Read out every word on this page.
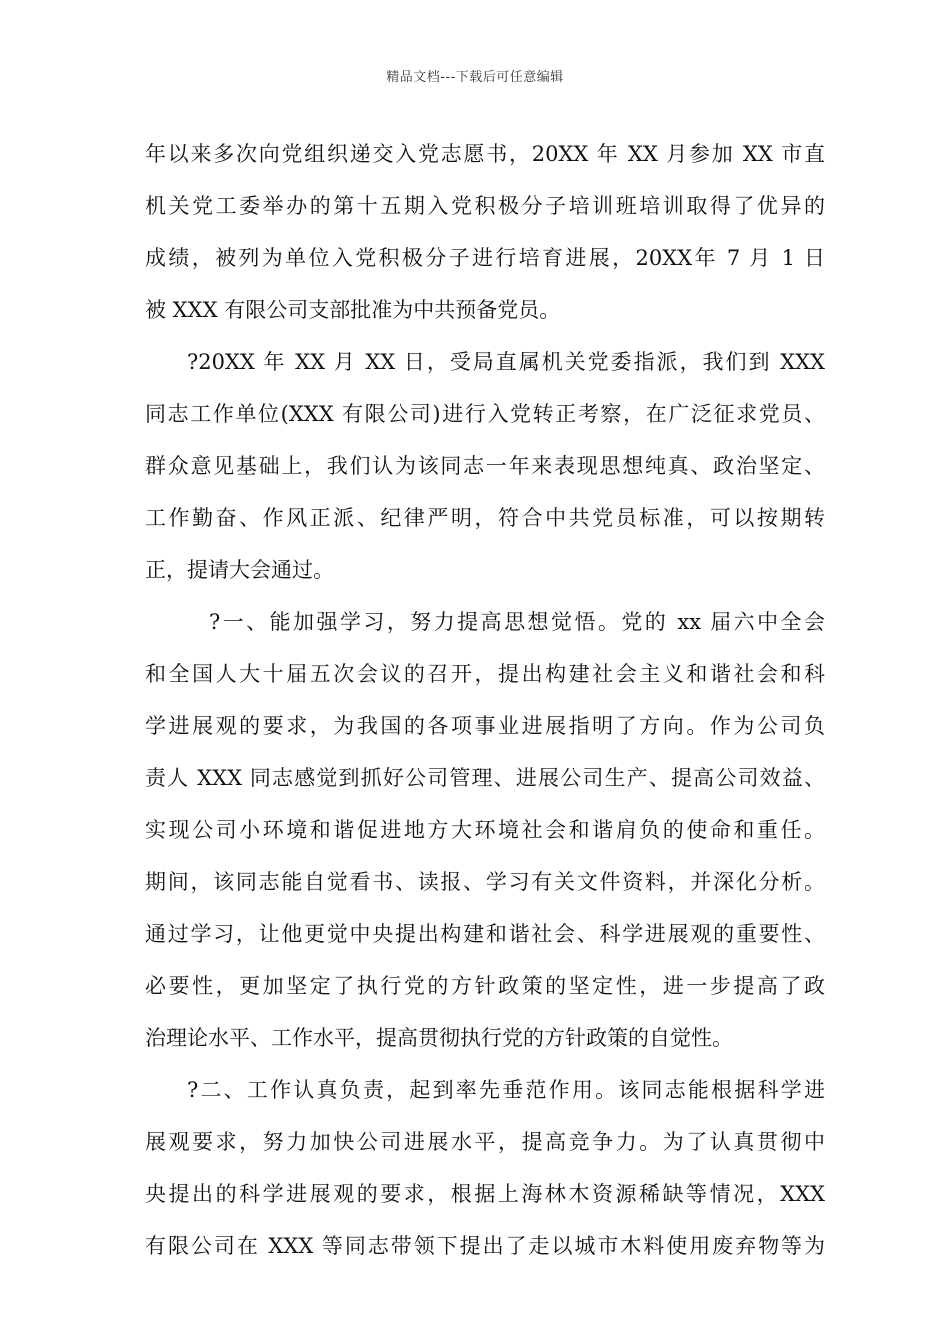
精品文档---下载后可任意编辑
年以来多次向党组织递交入党志愿书，20XX 年 XX 月参加 XX 市直
机关党工委举办的第十五期入党积极分子培训班培训取得了优异的
成绩，被列为单位入党积极分子进行培育进展，20XX年 7 月 1 日
被 XXX 有限公司支部批准为中共预备党员。
?20XX 年 XX 月 XX 日，受局直属机关党委指派，我们到 XXX
同志工作单位(XXX 有限公司)进行入党转正考察，在广泛征求党员、
群众意见基础上，我们认为该同志一年来表现思想纯真、政治坚定、
工作勤奋、作风正派、纪律严明，符合中共党员标准，可以按期转
正，提请大会通过。
?一、能加强学习，努力提高思想觉悟。党的 xx 届六中全会
和全国人大十届五次会议的召开，提出构建社会主义和谐社会和科
学进展观的要求，为我国的各项事业进展指明了方向。作为公司负
责人 XXX 同志感觉到抓好公司管理、进展公司生产、提高公司效益、
实现公司小环境和谐促进地方大环境社会和谐肩负的使命和重任。
期间，该同志能自觉看书、读报、学习有关文件资料，并深化分析。
通过学习，让他更觉中央提出构建和谐社会、科学进展观的重要性、
必要性，更加坚定了执行党的方针政策的坚定性，进一步提高了政
治理论水平、工作水平，提高贯彻执行党的方针政策的自觉性。
?二、工作认真负责，起到率先垂范作用。该同志能根据科学进
展观要求，努力加快公司进展水平，提高竞争力。为了认真贯彻中
央提出的科学进展观的要求，根据上海林木资源稀缺等情况，XXX
有限公司在 XXX 等同志带领下提出了走以城市木料使用废弃物等为
